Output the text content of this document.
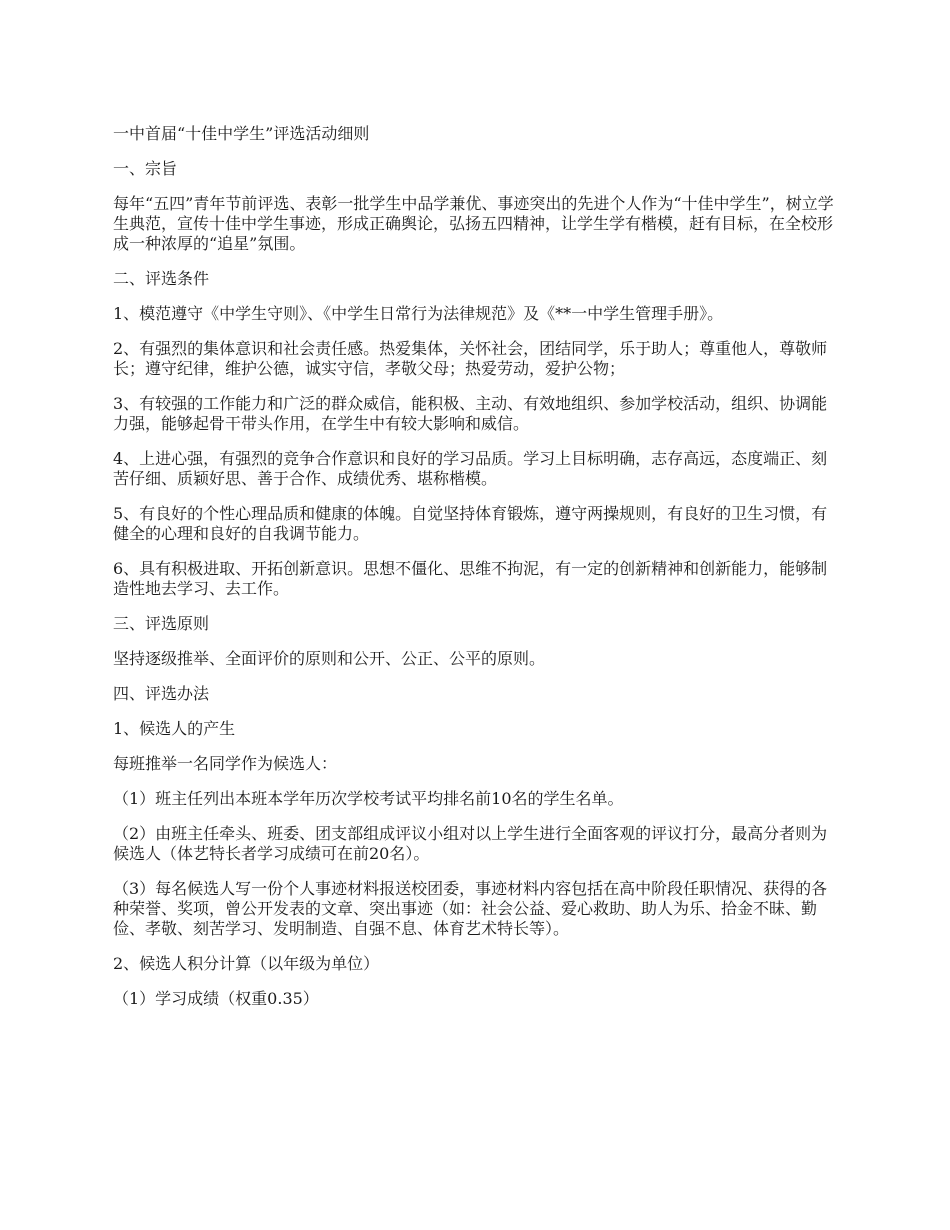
一中首届“十佳中学生”评选活动细则

一、宗旨

每年“五四”青年节前评选、表彰一批学生中品学兼优、事迹突出的先进个人作为“十佳中学生”，树立学生典范，宣传十佳中学生事迹，形成正确舆论，弘扬五四精神，让学生学有楷模，赶有目标，在全校形成一种浓厚的“追星”氛围。

二、评选条件

1、模范遵守《中学生守则》、《中学生日常行为法律规范》及《**一中学生管理手册》。

2、有强烈的集体意识和社会责任感。热爱集体，关怀社会，团结同学，乐于助人；尊重他人，尊敬师长；遵守纪律，维护公德，诚实守信，孝敬父母；热爱劳动，爱护公物；

3、有较强的工作能力和广泛的群众威信，能积极、主动、有效地组织、参加学校活动，组织、协调能力强，能够起骨干带头作用，在学生中有较大影响和威信。

4、上进心强，有强烈的竞争合作意识和良好的学习品质。学习上目标明确，志存高远，态度端正、刻苦仔细、质颖好思、善于合作、成绩优秀、堪称楷模。

5、有良好的个性心理品质和健康的体魄。自觉坚持体育锻炼，遵守两操规则，有良好的卫生习惯，有健全的心理和良好的自我调节能力。

6、具有积极进取、开拓创新意识。思想不僵化、思维不拘泥，有一定的创新精神和创新能力，能够制造性地去学习、去工作。

三、评选原则

坚持逐级推举、全面评价的原则和公开、公正、公平的原则。

四、评选办法

1、候选人的产生

每班推举一名同学作为候选人：

（1）班主任列出本班本学年历次学校考试平均排名前10名的学生名单。

（2）由班主任牵头、班委、团支部组成评议小组对以上学生进行全面客观的评议打分，最高分者则为候选人（体艺特长者学习成绩可在前20名）。

（3）每名候选人写一份个人事迹材料报送校团委，事迹材料内容包括在高中阶段任职情况、获得的各种荣誉、奖项，曾公开发表的文章、突出事迹（如：社会公益、爱心救助、助人为乐、拾金不昧、勤俭、孝敬、刻苦学习、发明制造、自强不息、体育艺术特长等）。

2、候选人积分计算（以年级为单位）

（1）学习成绩（权重0.35）
